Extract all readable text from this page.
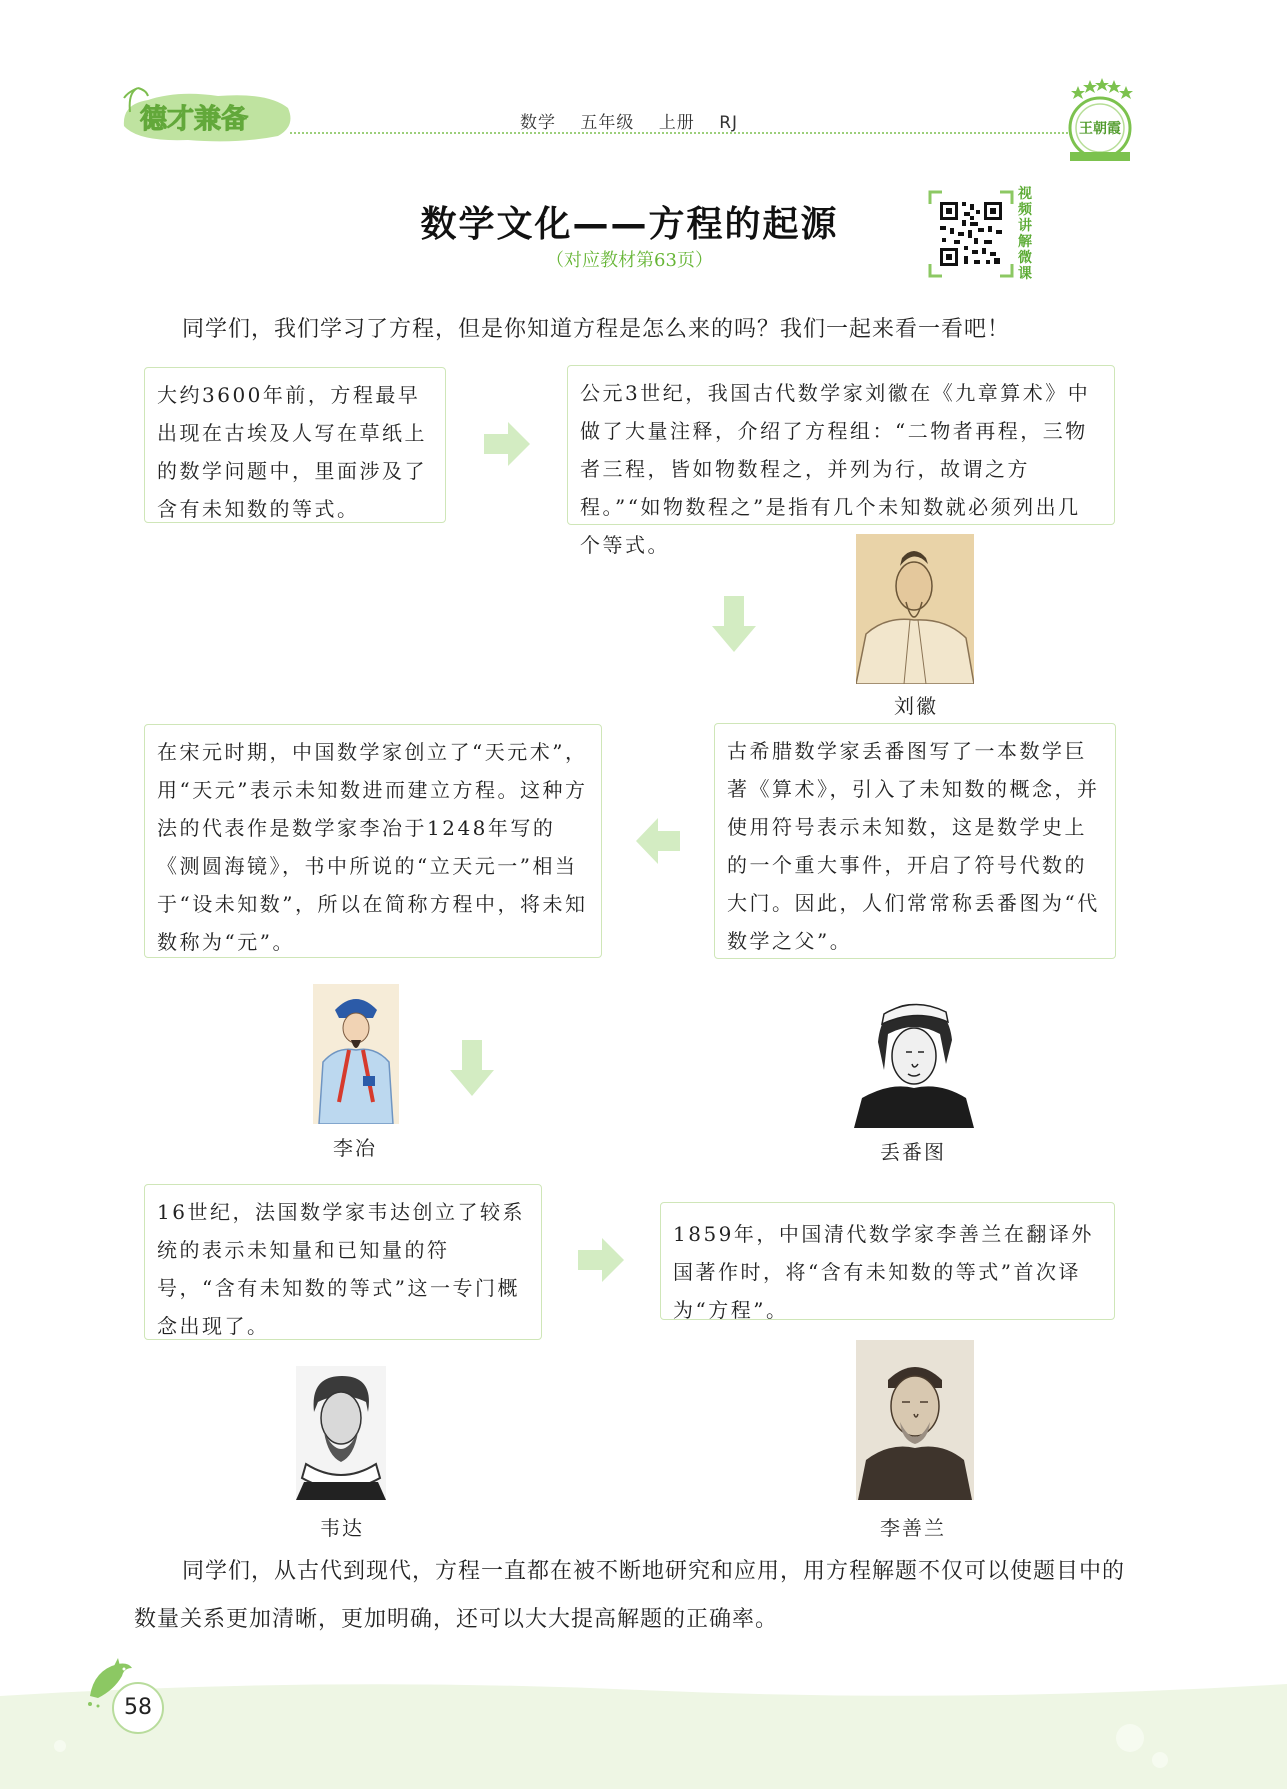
德才兼备	数学 五年级 上册 RJ	王朝霞
数学文化——方程的起源
（对应教材第63页）
视频讲解微课
同学们，我们学习了方程，但是你知道方程是怎么来的吗？我们一起来看一看吧！
大约3600年前，方程最早出现在古埃及人写在草纸上的数学问题中，里面涉及了含有未知数的等式。
公元3世纪，我国古代数学家刘徽在《九章算术》中做了大量注释，介绍了方程组：“二物者再程，三物者三程，皆如物数程之，并列为行，故谓之方程。”“如物数程之”是指有几个未知数就必须列出几个等式。
在宋元时期，中国数学家创立了“天元术”，用“天元”表示未知数进而建立方程。这种方法的代表作是数学家李冶于1248年写的《测圆海镜》，书中所说的“立天元一”相当于“设未知数”，所以在简称方程中，将未知数称为“元”。
古希腊数学家丢番图写了一本数学巨著《算术》，引入了未知数的概念，并使用符号表示未知数，这是数学史上的一个重大事件，开启了符号代数的大门。因此，人们常常称丢番图为“代数学之父”。
16世纪，法国数学家韦达创立了较系统的表示未知量和已知量的符号，“含有未知数的等式”这一专门概念出现了。
1859年，中国清代数学家李善兰在翻译外国著作时，将“含有未知数的等式”首次译为“方程”。
刘徽
李冶	丢番图
韦达	李善兰
同学们，从古代到现代，方程一直都在被不断地研究和应用，用方程解题不仅可以使题目中的数量关系更加清晰，更加明确，还可以大大提高解题的正确率。
58
